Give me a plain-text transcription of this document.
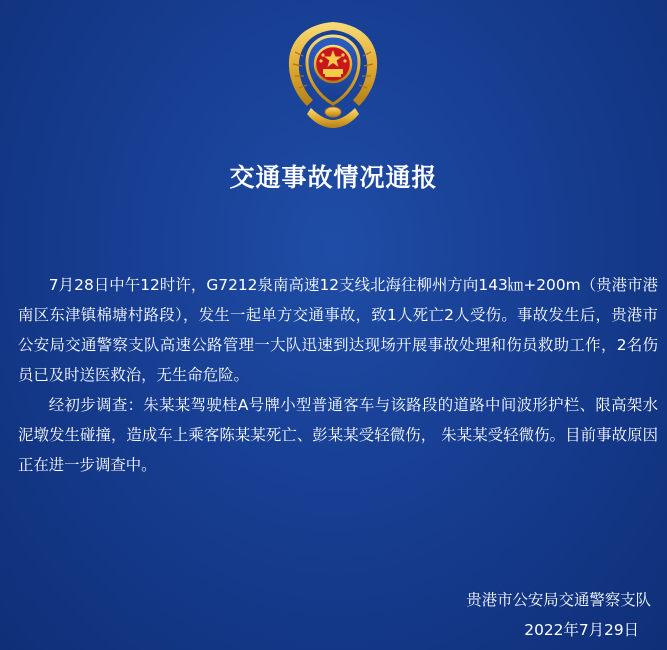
交通事故情况通报

7月28日中午12时许，G7212泉南高速12支线北海往柳州方向143㎞+200m（贵港市港南区东津镇棉塘村路段），发生一起单方交通事故，致1人死亡2人受伤。事故发生后，贵港市公安局交通警察支队高速公路管理一大队迅速到达现场开展事故处理和伤员救助工作，2名伤员已及时送医救治，无生命危险。

经初步调查：朱某某驾驶桂A号牌小型普通客车与该路段的道路中间波形护栏、限高架水泥墩发生碰撞，造成车上乘客陈某某死亡、彭某某受轻微伤， 朱某某受轻微伤。目前事故原因正在进一步调查中。

贵港市公安局交通警察支队
2022年7月29日
